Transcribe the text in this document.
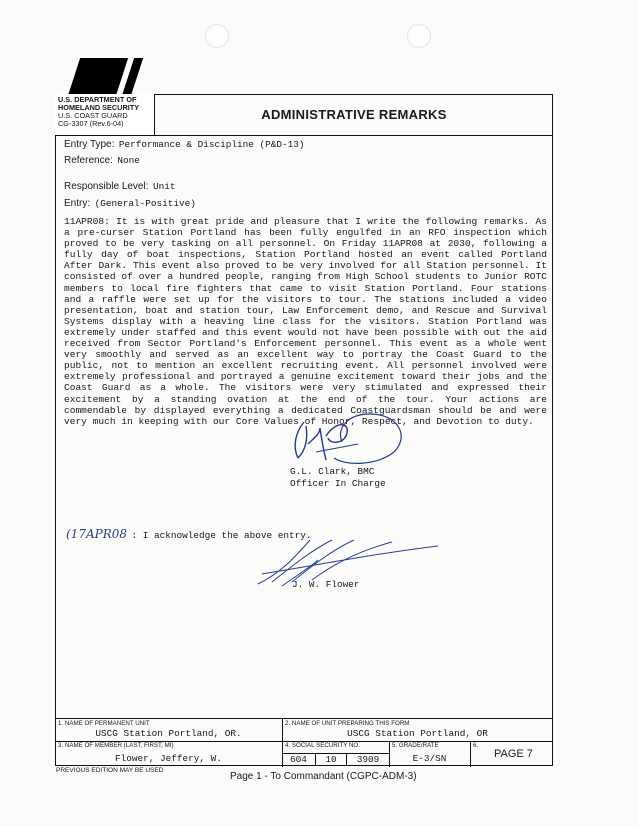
U.S. DEPARTMENT OF
HOMELAND SECURITY
U.S. COAST GUARD
CG-3307 (Rev.6-04)
ADMINISTRATIVE REMARKS
Entry Type: Performance & Discipline (P&D-13)
Reference: None
Responsible Level: Unit
Entry: (General-Positive)
11APR08: It is with great pride and pleasure that I write the following remarks. As a pre-curser Station Portland has been fully engulfed in an RFO inspection which proved to be very tasking on all personnel. On Friday 11APR08 at 2030, following a fully day of boat inspections, Station Portland hosted an event called Portland After Dark. This event also proved to be very involved for all Station personnel. It consisted of over a hundred people, ranging from High School students to Junior ROTC members to local fire fighters that came to visit Station Portland. Four stations and a raffle were set up for the visitors to tour. The stations included a video presentation, boat and station tour, Law Enforcement demo, and Rescue and Survival Systems display with a heaving line class for the visitors. Station Portland was extremely under staffed and this event would not have been possible with out the aid received from Sector Portland's Enforcement personnel. This event as a whole went very smoothly and served as an excellent way to portray the Coast Guard to the public, not to mention an excellent recruiting event. All personnel involved were extremely professional and portrayed a genuine excitement toward their jobs and the Coast Guard as a whole. The visitors were very stimulated and expressed their excitement by a standing ovation at the end of the tour. Your actions are commendable by displayed everything a dedicated Coastguardsman should be and were very much in keeping with our Core Values of Honor, Respect, and Devotion to duty.
G.L. Clark, BMC
Officer In Charge
(17APR08 : I acknowledge the above entry.
J. W. Flower
1. NAME OF PERMANENT UNIT
USCG Station Portland, OR.
2. NAME OF UNIT PREPARING THIS FORM
USCG Station Portland, OR
3. NAME OF MEMBER (LAST, FIRST, MI)
Flower, Jeffery, W.
4. SOCIAL SECURITY NO.
604	10	3909
5. GRADE/RATE
E-3/SN
6.
PAGE 7
PREVIOUS EDITION MAY BE USED
Page 1 - To Commandant (CGPC-ADM-3)
